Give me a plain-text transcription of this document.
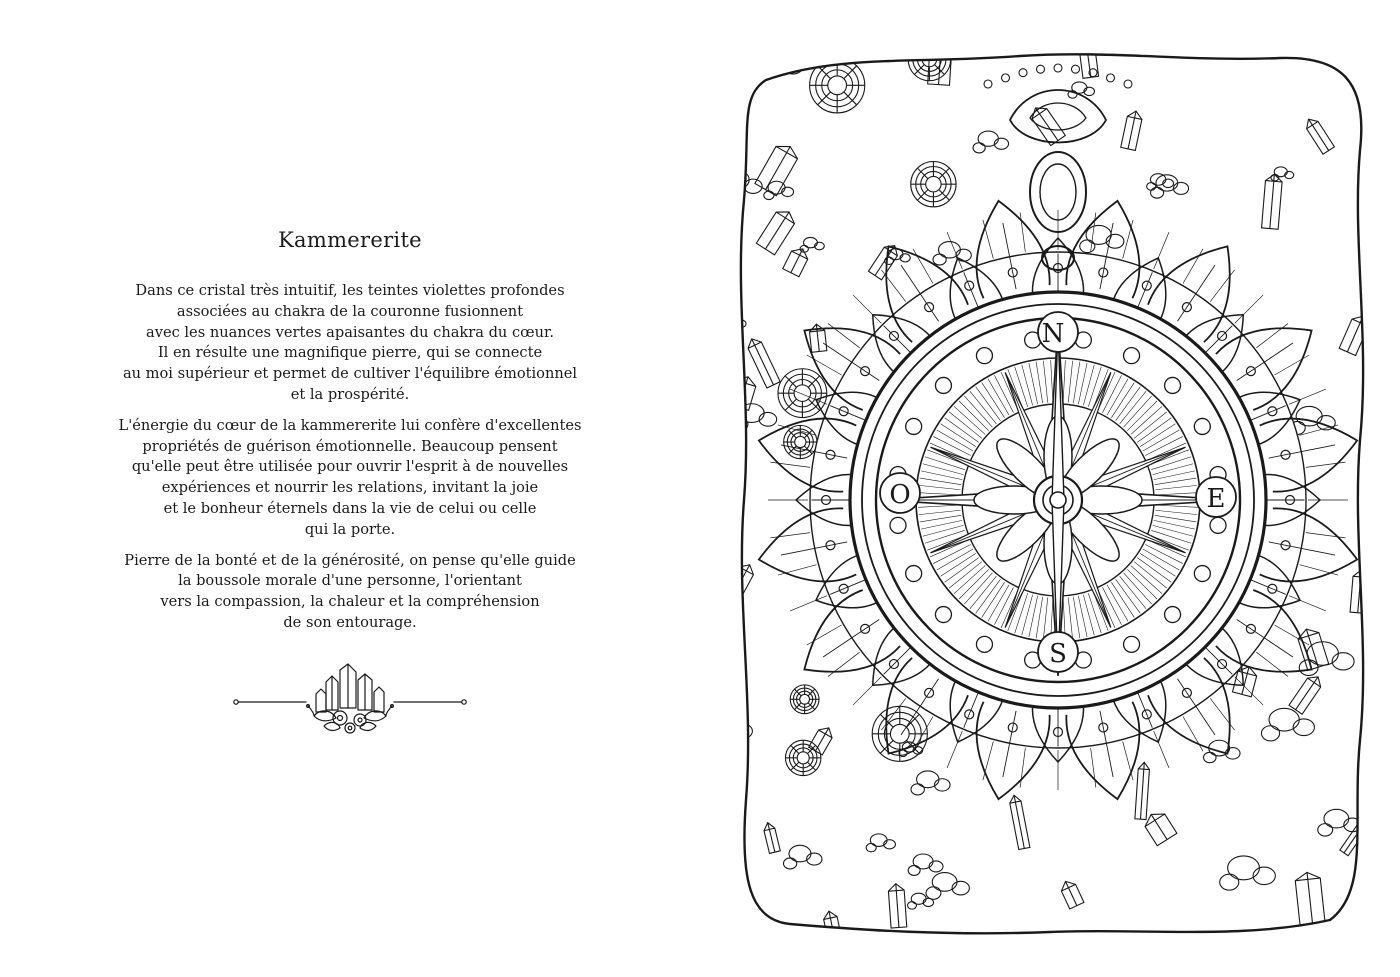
Kammererite

Dans ce cristal très intuitif, les teintes violettes profondes
associées au chakra de la couronne fusionnent
avec les nuances vertes apaisantes du chakra du cœur.
Il en résulte une magnifique pierre, qui se connecte
au moi supérieur et permet de cultiver l'équilibre émotionnel
et la prospérité.

L'énergie du cœur de la kammererite lui confère d'excellentes
propriétés de guérison émotionnelle. Beaucoup pensent
qu'elle peut être utilisée pour ouvrir l'esprit à de nouvelles
expériences et nourrir les relations, invitant la joie
et le bonheur éternels dans la vie de celui ou celle
qui la porte.

Pierre de la bonté et de la générosité, on pense qu'elle guide
la boussole morale d'une personne, l'orientant
vers la compassion, la chaleur et la compréhension
de son entourage.

N
S
E
O
